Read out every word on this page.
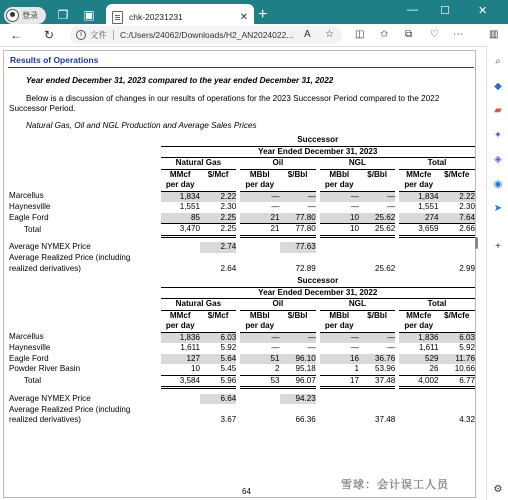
登录 ❐ ▣	chk-20231231	✕ +	— ☐	✕
← ↻	i 文件 C:/Users/24062/Downloads/H2_AN2024022... A ☆ ◫ ✩ ⧉ ♡ ⋯	▥
Results of Operations
Year ended December 31, 2023 compared to the year ended December 31, 2022
Below is a discussion of changes in our results of operations for the 2023 Successor Period compared to the 2022 Successor Period.
Natural Gas, Oil and NGL Production and Average Sales Prices
	Successor										
	Year Ended December 31, 2023										
	Natural Gas			Oil			NGL			Total	
	MMcf	$/Mcf		MBbl	$/Bbl		MBbl	$/Bbl		MMcfe	$/Mcfe
	per day			per day			per day			per day	
Marcellus	1,834	2.22		—	—		—	—		1,834	2.22
Haynesville	1,551	2.30		—	—		—	—		1,551	2.30
Eagle Ford	85	2.25		21	77.80		10	25.62		274	7.64
Total	3,470	2.25		21	77.80		10	25.62		3,659	2.66

Average NYMEX Price		2.74			77.63						
Average Realized Price (including											
realized derivatives)		2.64			72.89			25.62			2.99
	Successor										
	Year Ended December 31, 2022										
	Natural Gas			Oil			NGL			Total	
	MMcf	$/Mcf		MBbl	$/Bbl		MBbl	$/Bbl		MMcfe	$/Mcfe
	per day			per day			per day			per day	
Marcellus	1,836	6.03		—	—		—	—		1,836	6.03
Haynesville	1,611	5.92		—	—		—	—		1,611	5.92
Eagle Ford	127	5.64		51	96.10		16	36.76		529	11.76
Powder River Basin	10	5.45		2	95.18		1	53.96		26	10.66
Total	3,584	5.96		53	96.07		17	37.48		4,002	6.77

Average NYMEX Price		6.64			94.23						
Average Realized Price (including											
realized derivatives)		3.67			66.36			37.48			4.32
64
⌕
◆
▰
✦
◈
◉
➤
+
⚙
雪球：会计误工人员
